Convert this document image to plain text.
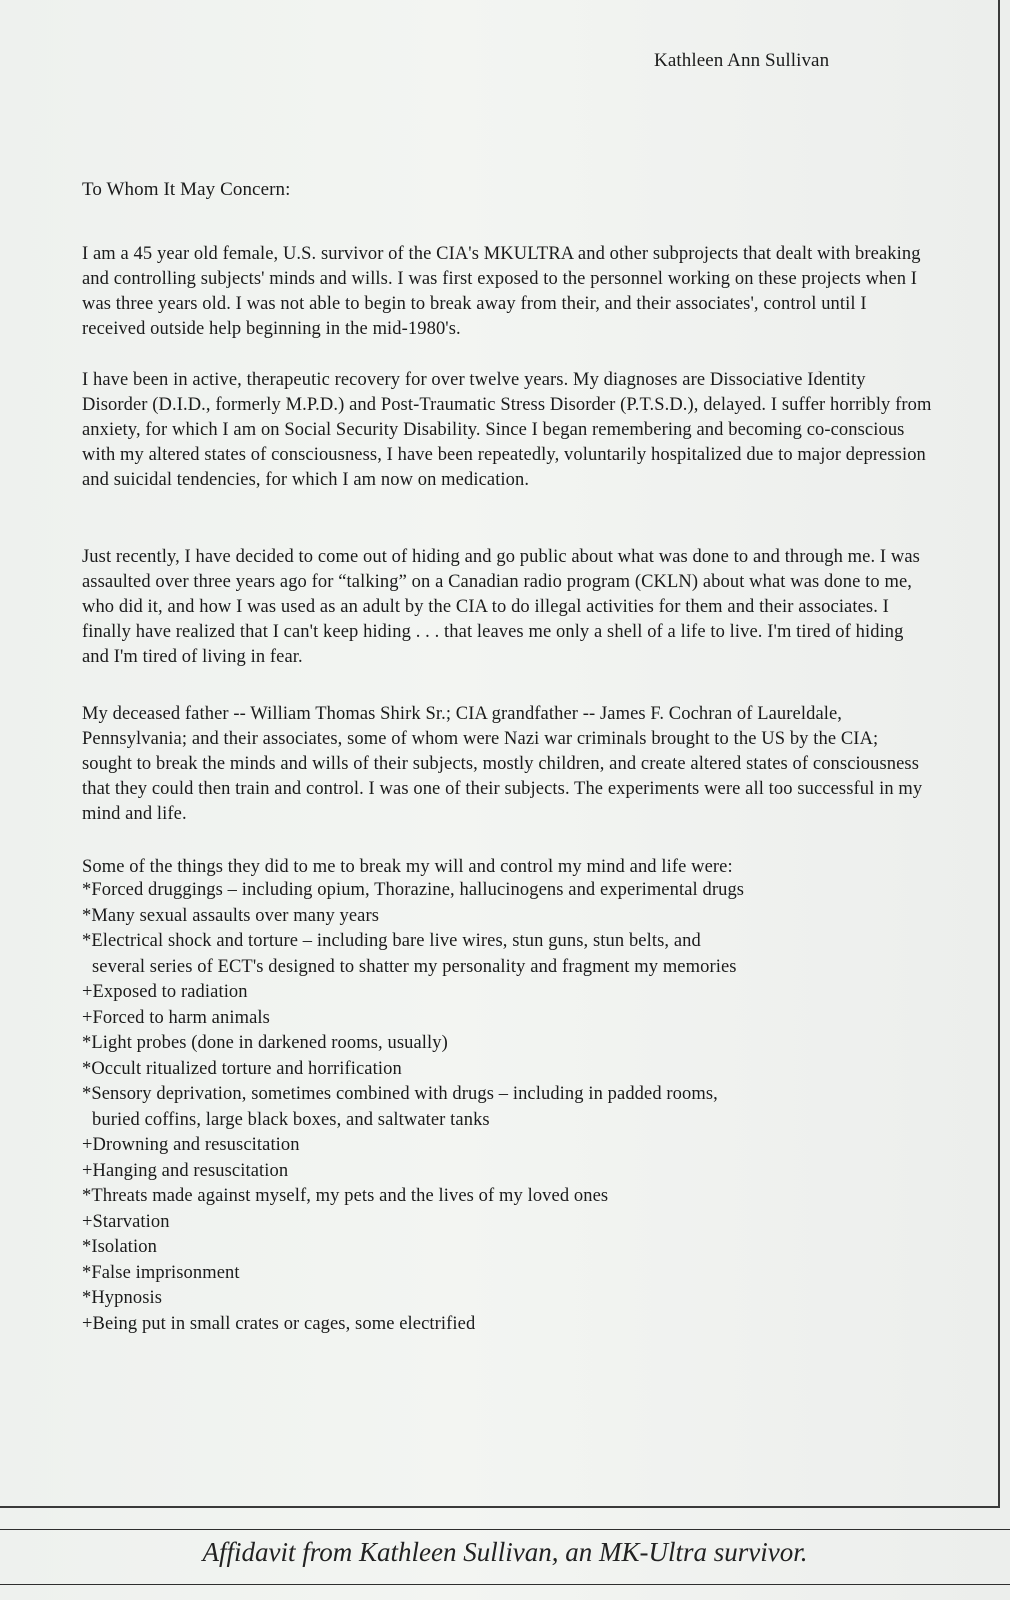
Kathleen Ann Sullivan
To Whom It May Concern:

I am a 45 year old female, U.S. survivor of the CIA's MKULTRA and other subprojects that dealt with breaking and controlling subjects' minds and wills. I was first exposed to the personnel working on these projects when I was three years old. I was not able to begin to break away from their, and their associates', control until I received outside help beginning in the mid-1980's.

I have been in active, therapeutic recovery for over twelve years. My diagnoses are Dissociative Identity Disorder (D.I.D., formerly M.P.D.) and Post-Traumatic Stress Disorder (P.T.S.D.), delayed. I suffer horribly from anxiety, for which I am on Social Security Disability. Since I began remembering and becoming co-conscious with my altered states of consciousness, I have been repeatedly, voluntarily hospitalized due to major depression and suicidal tendencies, for which I am now on medication.

Just recently, I have decided to come out of hiding and go public about what was done to and through me. I was assaulted over three years ago for “talking” on a Canadian radio program (CKLN) about what was done to me, who did it, and how I was used as an adult by the CIA to do illegal activities for them and their associates. I finally have realized that I can't keep hiding . . . that leaves me only a shell of a life to live. I'm tired of hiding and I'm tired of living in fear.

My deceased father -- William Thomas Shirk Sr.; CIA grandfather -- James F. Cochran of Laureldale, Pennsylvania; and their associates, some of whom were Nazi war criminals brought to the US by the CIA; sought to break the minds and wills of their subjects, mostly children, and create altered states of consciousness that they could then train and control. I was one of their subjects. The experiments were all too successful in my mind and life.

Some of the things they did to me to break my will and control my mind and life were:

*Forced druggings – including opium, Thorazine, hallucinogens and experimental drugs
*Many sexual assaults over many years
*Electrical shock and torture – including bare live wires, stun guns, stun belts, and
several series of ECT's designed to shatter my personality and fragment my memories
+Exposed to radiation
+Forced to harm animals
*Light probes (done in darkened rooms, usually)
*Occult ritualized torture and horrification
*Sensory deprivation, sometimes combined with drugs – including in padded rooms,
buried coffins, large black boxes, and saltwater tanks
+Drowning and resuscitation
+Hanging and resuscitation
*Threats made against myself, my pets and the lives of my loved ones
+Starvation
*Isolation
*False imprisonment
*Hypnosis
+Being put in small crates or cages, some electrified
Affidavit from Kathleen Sullivan, an MK-Ultra survivor.
